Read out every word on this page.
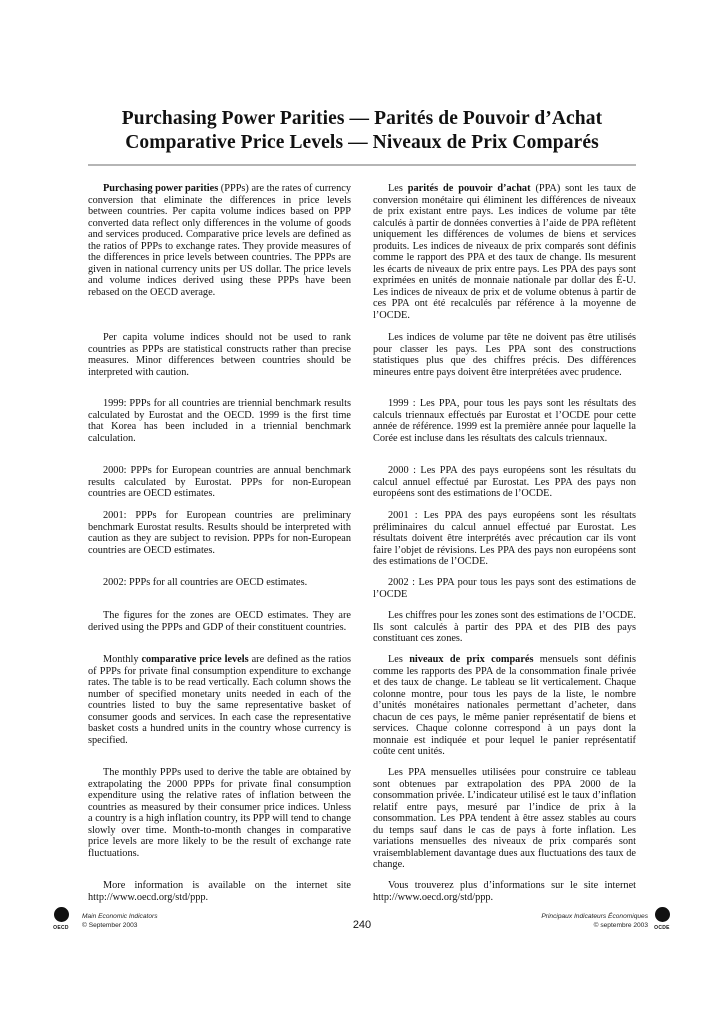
Purchasing Power Parities — Parités de Pouvoir d’Achat

Comparative Price Levels — Niveaux de Prix Comparés

Purchasing power parities (PPPs) are the rates of currency conversion that eliminate the differences in price levels between countries. Per capita volume indices based on PPP converted data reflect only differences in the volume of goods and services produced. Comparative price levels are defined as the ratios of PPPs to exchange rates. They provide measures of the differences in price levels between countries. The PPPs are given in national currency units per US dollar. The price levels and volume indices derived using these PPPs have been rebased on the OECD average.

Per capita volume indices should not be used to rank countries as PPPs are statistical constructs rather than precise measures. Minor differences between countries should be interpreted with caution.

1999: PPPs for all countries are triennial benchmark results calculated by Eurostat and the OECD. 1999 is the first time that Korea has been included in a triennial benchmark calculation.

2000: PPPs for European countries are annual benchmark results calculated by Eurostat. PPPs for non-European countries are OECD estimates.

2001: PPPs for European countries are preliminary benchmark Eurostat results. Results should be interpreted with caution as they are subject to revision. PPPs for non-European countries are OECD estimates.

2002: PPPs for all countries are OECD estimates.

The figures for the zones are OECD estimates. They are derived using the PPPs and GDP of their constituent countries.

Monthly comparative price levels are defined as the ratios of PPPs for private final consumption expenditure to exchange rates. The table is to be read vertically. Each column shows the number of specified monetary units needed in each of the countries listed to buy the same representative basket of consumer goods and services. In each case the representative basket costs a hundred units in the country whose currency is specified.

The monthly PPPs used to derive the table are obtained by extrapolating the 2000 PPPs for private final consumption expenditure using the relative rates of inflation between the countries as measured by their consumer price indices. Unless a country is a high inflation country, its PPP will tend to change slowly over time. Month-to-month changes in comparative price levels are more likely to be the result of exchange rate fluctuations.

More information is available on the internet site http://www.oecd.org/std/ppp.

Les parités de pouvoir d’achat (PPA) sont les taux de conversion monétaire qui éliminent les différences de niveaux de prix existant entre pays. Les indices de volume par tête calculés à partir de données converties à l’aide de PPA reflètent uniquement les différences de volumes de biens et services produits. Les indices de niveaux de prix comparés sont définis comme le rapport des PPA et des taux de change. Ils mesurent les écarts de niveaux de prix entre pays. Les PPA des pays sont exprimées en unités de monnaie nationale par dollar des É-U. Les indices de niveaux de prix et de volume obtenus à partir de ces PPA ont été recalculés par référence à la moyenne de l’OCDE.

Les indices de volume par tête ne doivent pas être utilisés pour classer les pays. Les PPA sont des constructions statistiques plus que des chiffres précis. Des différences mineures entre pays doivent être interprétées avec prudence.

1999 : Les PPA, pour tous les pays sont les résultats des calculs triennaux effectués par Eurostat et l’OCDE pour cette année de référence. 1999 est la première année pour laquelle la Corée est incluse dans les résultats des calculs triennaux.

2000 : Les PPA des pays européens sont les résultats du calcul annuel effectué par Eurostat. Les PPA des pays non européens sont des estimations de l’OCDE.

2001 : Les PPA des pays européens sont les résultats préliminaires du calcul annuel effectué par Eurostat. Les résultats doivent être interprétés avec précaution car ils vont faire l’objet de révisions. Les PPA des pays non européens sont des estimations de l’OCDE.

2002 : Les PPA pour tous les pays sont des estimations de l’OCDE

Les chiffres pour les zones sont des estimations de l’OCDE. Ils sont calculés à partir des PPA et des PIB des pays constituant ces zones.

Les niveaux de prix comparés mensuels sont définis comme les rapports des PPA de la consommation finale privée et des taux de change. Le tableau se lit verticalement. Chaque colonne montre, pour tous les pays de la liste, le nombre d’unités monétaires nationales permettant d’acheter, dans chacun de ces pays, le même panier représentatif de biens et services. Chaque colonne correspond à un pays dont la monnaie est indiquée et pour lequel le panier représentatif coûte cent unités.

Les PPA mensuelles utilisées pour construire ce tableau sont obtenues par extrapolation des PPA 2000 de la consommation privée. L’indicateur utilisé est le taux d’inflation relatif entre pays, mesuré par l’indice de prix à la consommation. Les PPA tendent à être assez stables au cours du temps sauf dans le cas de pays à forte inflation. Les variations mensuelles des niveaux de prix comparés sont vraisemblablement davantage dues aux fluctuations des taux de change.

Vous trouverez plus d’informations sur le site internet http://www.oecd.org/std/ppp.

OECD
Main Economic Indicators
© September 2003	240
Principaux Indicateurs Économiques
© septembre 2003	OCDE
